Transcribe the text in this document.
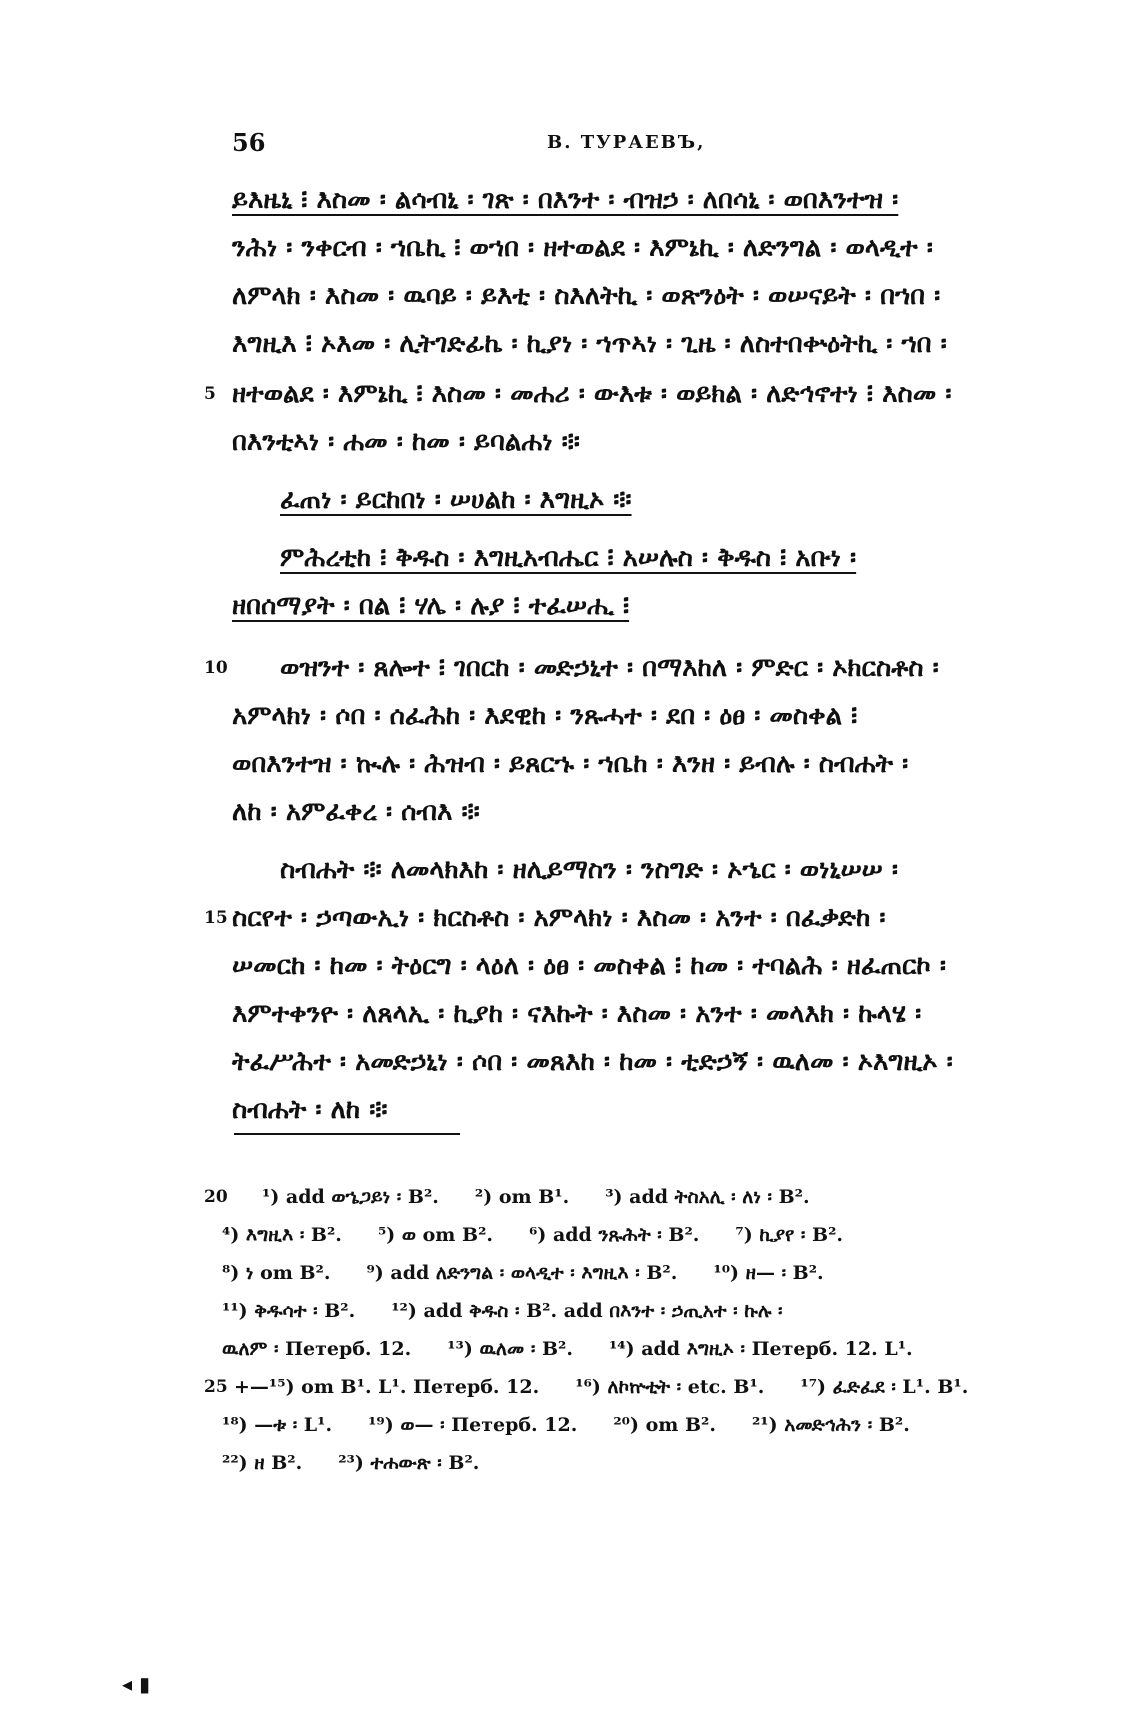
56	В. ТУРАЕВЪ,
ይእዜኒ ፧ እስመ ፡ ልሳብኒ ፡ ገጽ ፡ በእንተ ፡ ብዝኃ ፡ ለበሳኒ ፡ ወበእንተዝ ፡
ንሕነ ፡ ንቀርብ ፡ ኀቤኪ ፧ ወኀበ ፡ ዘተወልደ ፡ እምኔኪ ፡ ለድንግል ፡ ወላዲተ ፡
ለምላክ ፡ እስመ ፡ ዉባይ ፡ ይእቲ ፡ ስእለትኪ ፡ ወጽንዕት ፡ ወሠናይት ፡ በኀበ ፡
እግዚእ ፧ ኦእመ ፡ ሊትገድፊኬ ፡ ኪያነ ፡ ኀጥኣነ ፡ ጊዜ ፡ ለስተበቍዕትኪ ፡ ኀበ ፡
5 ዘተወልደ ፡ እምኔኪ ፧ እስመ ፡ መሐሪ ፡ ውእቱ ፡ ወይክል ፡ ለድኅኖተነ ፧ እስመ ፡
በእንቲኣነ ፡ ሐመ ፡ ከመ ፡ ይባልሐነ ፨
ፈጠነ ፡ ይርከበነ ፡ ሠሀልከ ፡ እግዚኦ ፨
ምሕረቲከ ፧ ቅዱስ ፡ እግዚአብሔር ፧ አሠሉስ ፡ ቅዱስ ፧ አቡነ ፡
ዘበሰማያት ፡ በል ፧ ሃሌ ፡ ሉያ ፧ ተፈሠሒ ፧
10 ወዝንተ ፡ ጸሎተ ፧ ገበርከ ፡ መድኃኒተ ፡ በማእከለ ፡ ምድር ፡ ኦክርስቶስ ፡
አምላክነ ፡ ሶበ ፡ ሰፈሕከ ፡ እደዊከ ፡ ንጹሓተ ፡ ደበ ፡ ዕፀ ፡ መስቀል ፧
ወበእንተዝ ፡ ኲሉ ፡ ሕዝብ ፡ ይጸርኁ ፡ ኀቤከ ፡ እንዘ ፡ ይብሉ ፡ ስብሐት ፡
ለከ ፡ አምፈቀረ ፡ ሰብእ ፨
ስብሐት ፨ ለመላክእከ ፡ ዘሊይማስን ፡ ንስግድ ፡ ኦኄር ፡ ወነኒሠሠ ፡
15 ስርየተ ፡ ኃጣውኢነ ፡ ክርስቶስ ፡ አምላክነ ፡ እስመ ፡ አንተ ፡ በፈቃድከ ፡
ሠመርከ ፡ ከመ ፡ ትዕርግ ፡ ላዕለ ፡ ዕፀ ፡ መስቀል ፧ ከመ ፡ ተባልሕ ፡ ዘፈጠርኮ ፡
እምተቀንዮ ፡ ለጸላኢ ፡ ኪያከ ፡ ናእኩት ፡ እስመ ፡ አንተ ፡ መላእክ ፡ ኩላሄ ፡
ትፈሥሕተ ፡ አመድኃኒነ ፡ ሶበ ፡ መጸእከ ፡ ከመ ፡ ቲድኃኝ ፡ ዉለመ ፡ ኦእግዚኦ ፡
ስብሐት ፡ ለከ ፨
20 ¹) add ወኄጋይነ ፡ B². ²) om B¹. ³) add ትስአሊ ፡ ለነ ፡ B².
⁴) እግዚእ ፡ B². ⁵) ወ om B². ⁶) add ንጹሕት ፡ B². ⁷) ኪያየ ፡ B².
⁸) ነ om B². ⁹) add ለድንግል ፡ ወላዲተ ፡ እግዚእ ፡ B². ¹⁰) ዘ— ፡ B².
¹¹) ቅዱሳተ ፡ B². ¹²) add ቅዱስ ፡ B². add በእንተ ፡ ኃጢአተ ፡ ኩሉ ፡
ዉለም ፡ Петерб. 12. ¹³) ዉለመ ፡ B². ¹⁴) add እግዚኦ ፡ Петерб. 12. L¹.
25 +—¹⁵) om B¹. L¹. Петерб. 12. ¹⁶) ለኮኵቲት ፡ etc. B¹. ¹⁷) ፈድፈደ ፡ L¹. B¹.
¹⁸) —ቱ ፡ L¹. ¹⁹) ወ— ፡ Петерб. 12. ²⁰) om B². ²¹) አመድኅሕን ፡ B².
²²) ዘ B². ²³) ተሐውጽ ፡ B².
◂ ▮
